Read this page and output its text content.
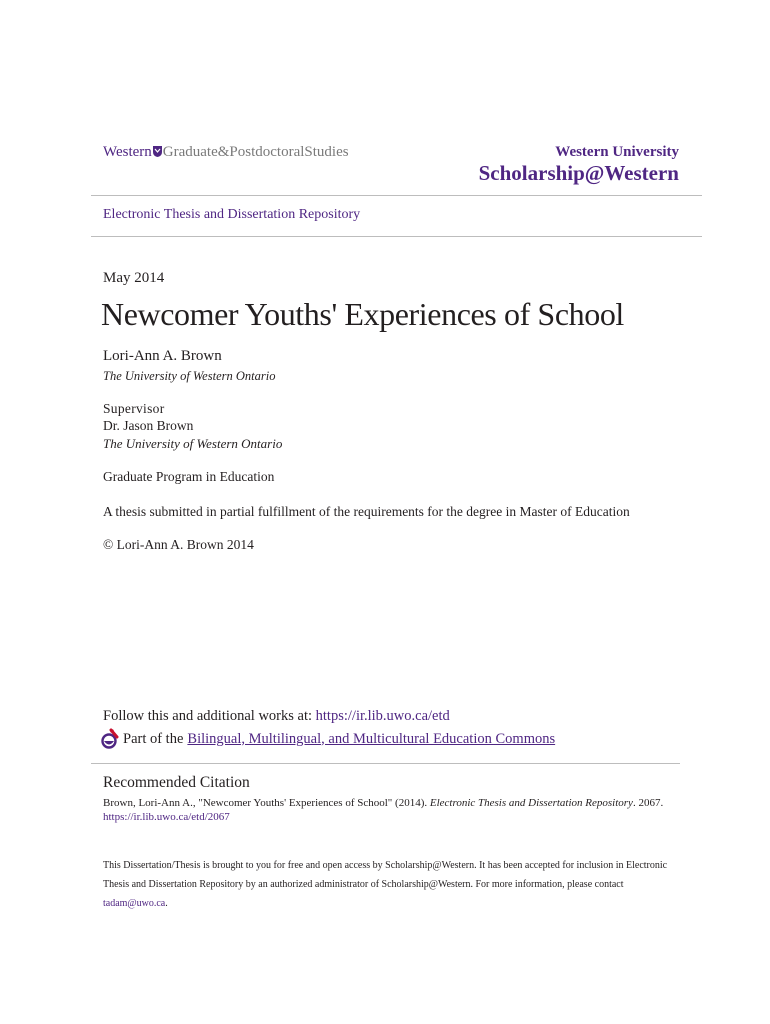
Western Graduate&PostdoctoralStudies	Western University
Scholarship@Western
Electronic Thesis and Dissertation Repository
May 2014
Newcomer Youths' Experiences of School
Lori-Ann A. Brown
The University of Western Ontario
Supervisor
Dr. Jason Brown
The University of Western Ontario
Graduate Program in Education
A thesis submitted in partial fulfillment of the requirements for the degree in Master of Education
© Lori-Ann A. Brown 2014
Follow this and additional works at: https://ir.lib.uwo.ca/etd
Part of the Bilingual, Multilingual, and Multicultural Education Commons
Recommended Citation
Brown, Lori-Ann A., "Newcomer Youths' Experiences of School" (2014). Electronic Thesis and Dissertation Repository. 2067.
https://ir.lib.uwo.ca/etd/2067
This Dissertation/Thesis is brought to you for free and open access by Scholarship@Western. It has been accepted for inclusion in Electronic Thesis and Dissertation Repository by an authorized administrator of Scholarship@Western. For more information, please contact tadam@uwo.ca.
